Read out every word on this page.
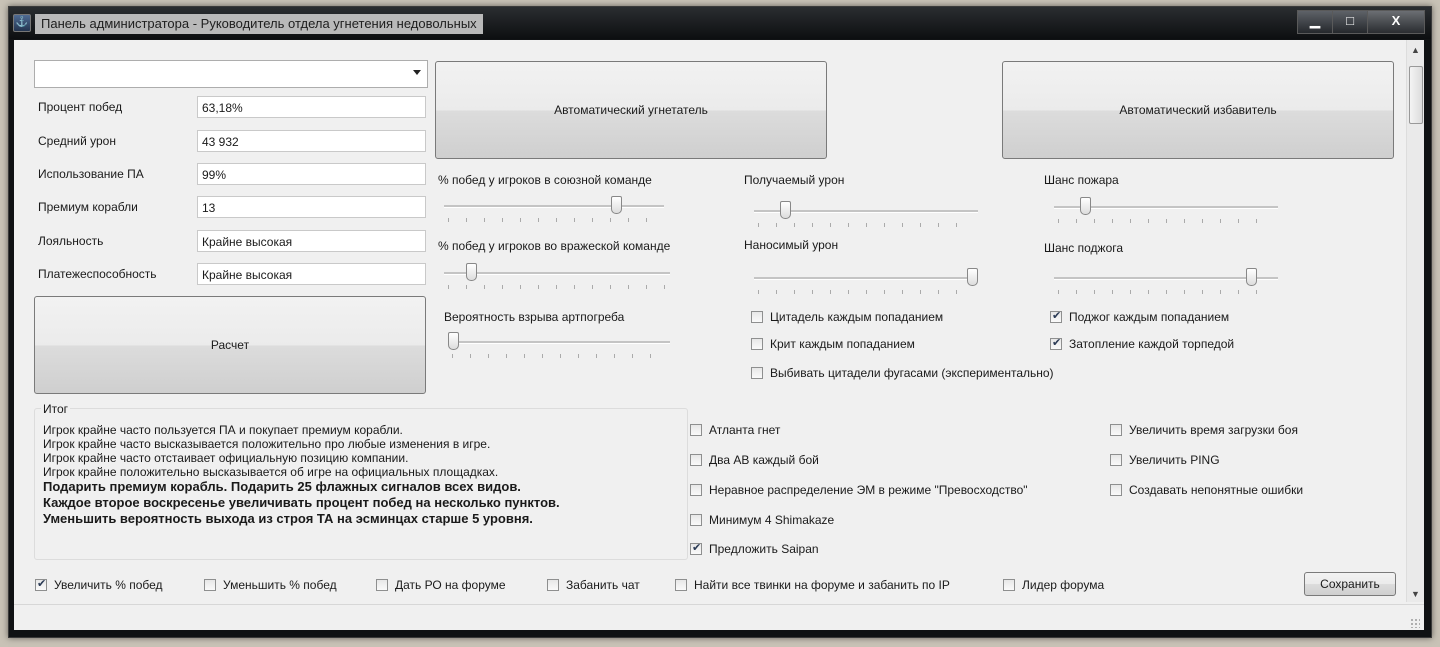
⚓ Панель администратора - Руководитель отдела угнетения недовольных	▁	□	X
Процент побед	63,18%
Средний урон	43 932
Использование ПА	99%
Премиум корабли	13
Лояльность	Крайне высокая
Платежеспособность	Крайне высокая
Расчет
Автоматический угнетатель	Автоматический избавитель
% побед у игроков в союзной команде
% побед у игроков во вражеской команде
Вероятность взрыва артпогреба
Получаемый урон
Наносимый урон
Шанс пожара
Шанс поджога
Цитадель каждым попаданием
Крит каждым попаданием
Выбивать цитадели фугасами (экспериментально)
✔
Поджог каждым попаданием
✔
Затопление каждой торпедой
Итог
Игрок крайне часто пользуется ПА и покупает премиум корабли.
Игрок крайне часто высказывается положительно про любые изменения в игре.
Игрок крайне часто отстаивает официальную позицию компании.
Игрок крайне положительно высказывается об игре на официальных площадках.
Подарить премиум корабль. Подарить 25 флажных сигналов всех видов.
Каждое второе воскресенье увеличивать процент побед на несколько пунктов.
Уменьшить вероятность выхода из строя ТА на эсминцах старше 5 уровня.
Атланта гнет
Два АВ каждый бой
Неравное распределение ЭМ в режиме "Превосходство"
Минимум 4 Shimakaze
✔
Предложить Saipan
Увеличить время загрузки боя
Увеличить PING
Создавать непонятные ошибки
✔
Увеличить % побед	Уменьшить % побед	Дать РО на форуме	Забанить чат	Найти все твинки на форуме и забанить по IP	Лидер форума	Сохранить
▲
▼
